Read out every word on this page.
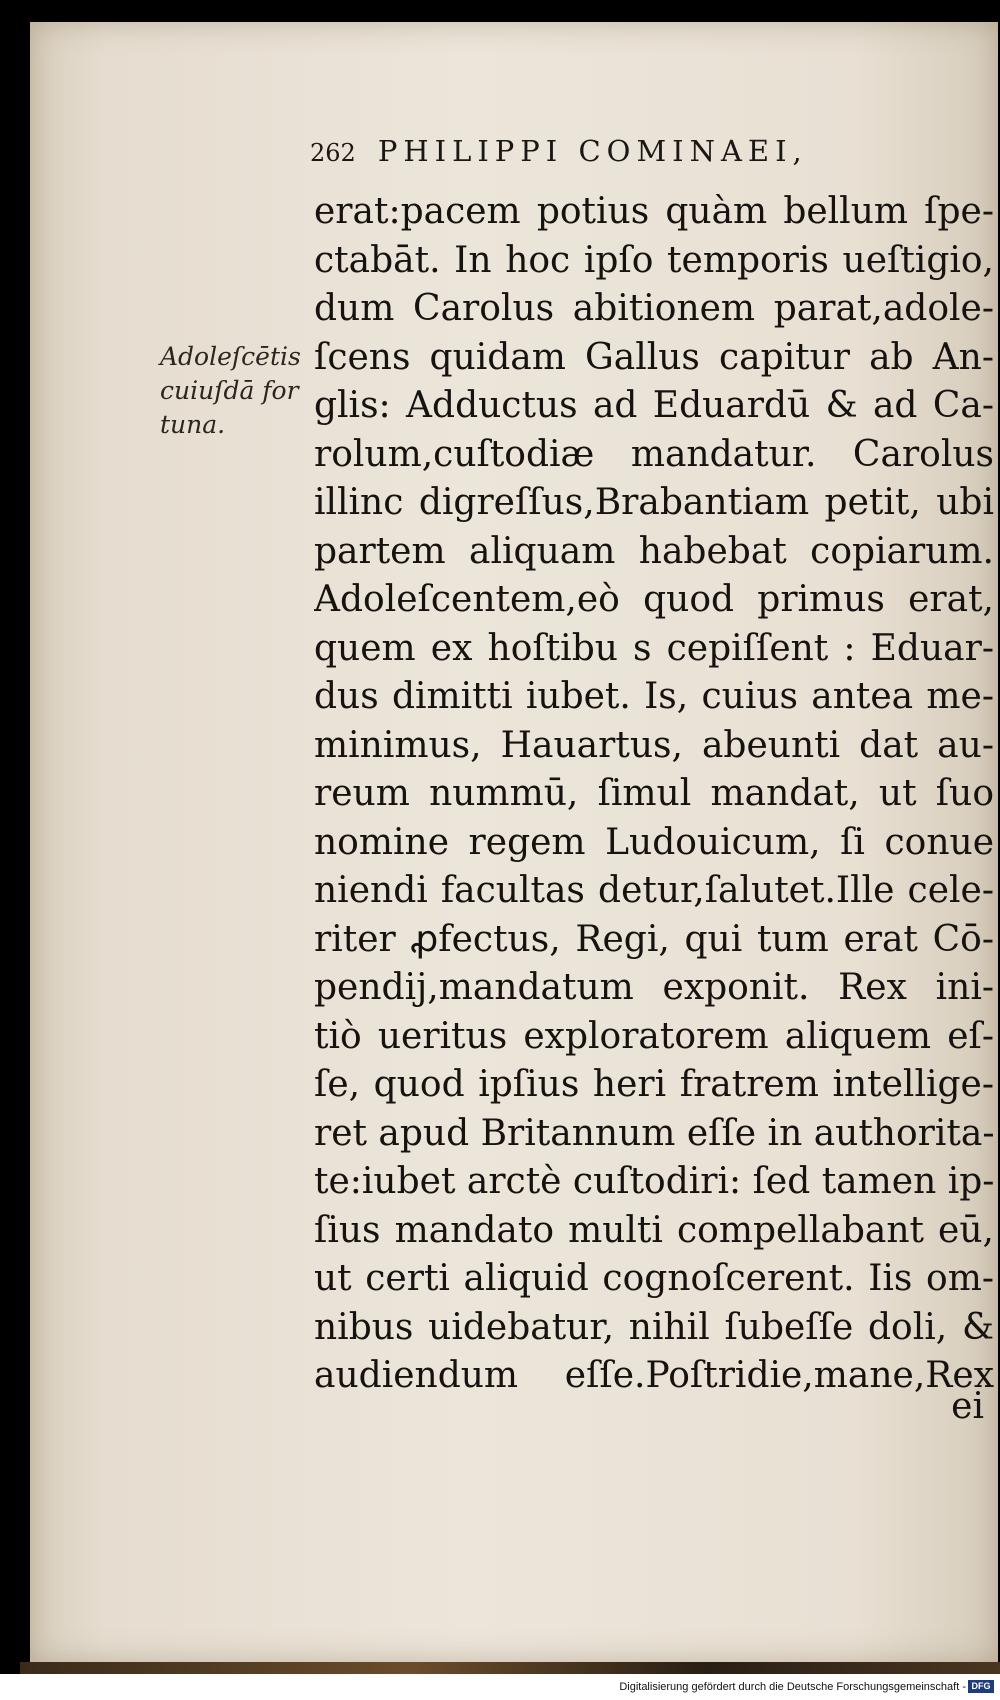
262 PHILIPPI COMINAEI,
Adoleſcētis
cuiuſdā for
tuna.
erat:pacem potius quàm bellum ſpe-
ctabāt. In hoc ipſo temporis ueſtigio,
dum Carolus abitionem parat,adole-
ſcens quidam Gallus capitur ab An-
glis: Adductus ad Eduardū & ad Ca-
rolum,cuſtodiæ mandatur. Carolus
illinc digreſſus,Brabantiam petit, ubi
partem aliquam habebat copiarum.
Adoleſcentem,eò quod primus erat,
quem ex hoſtibu s cepiſſent : Eduar-
dus dimitti iubet. Is, cuius antea me-
minimus, Hauartus, abeunti dat au-
reum nummū, ſimul mandat, ut ſuo
nomine regem Ludouicum, ſi conue
niendi facultas detur,ſalutet.Ille cele-
riter ꝓfectus, Regi, qui tum erat Cō-
pendij,mandatum exponit. Rex ini-
tiò ueritus exploratorem aliquem eſ-
ſe, quod ipſius heri fratrem intellige-
ret apud Britannum eſſe in authorita-
te:iubet arctè cuſtodiri: ſed tamen ip-
ſius mandato multi compellabant eū,
ut certi aliquid cognoſcerent. Iis om-
nibus uidebatur, nihil ſubeſſe doli, &
audiendum eſſe.Poſtridie,mane,Rex
ei
Digitalisierung gefördert durch die Deutsche Forschungsgemeinschaft - DFG
